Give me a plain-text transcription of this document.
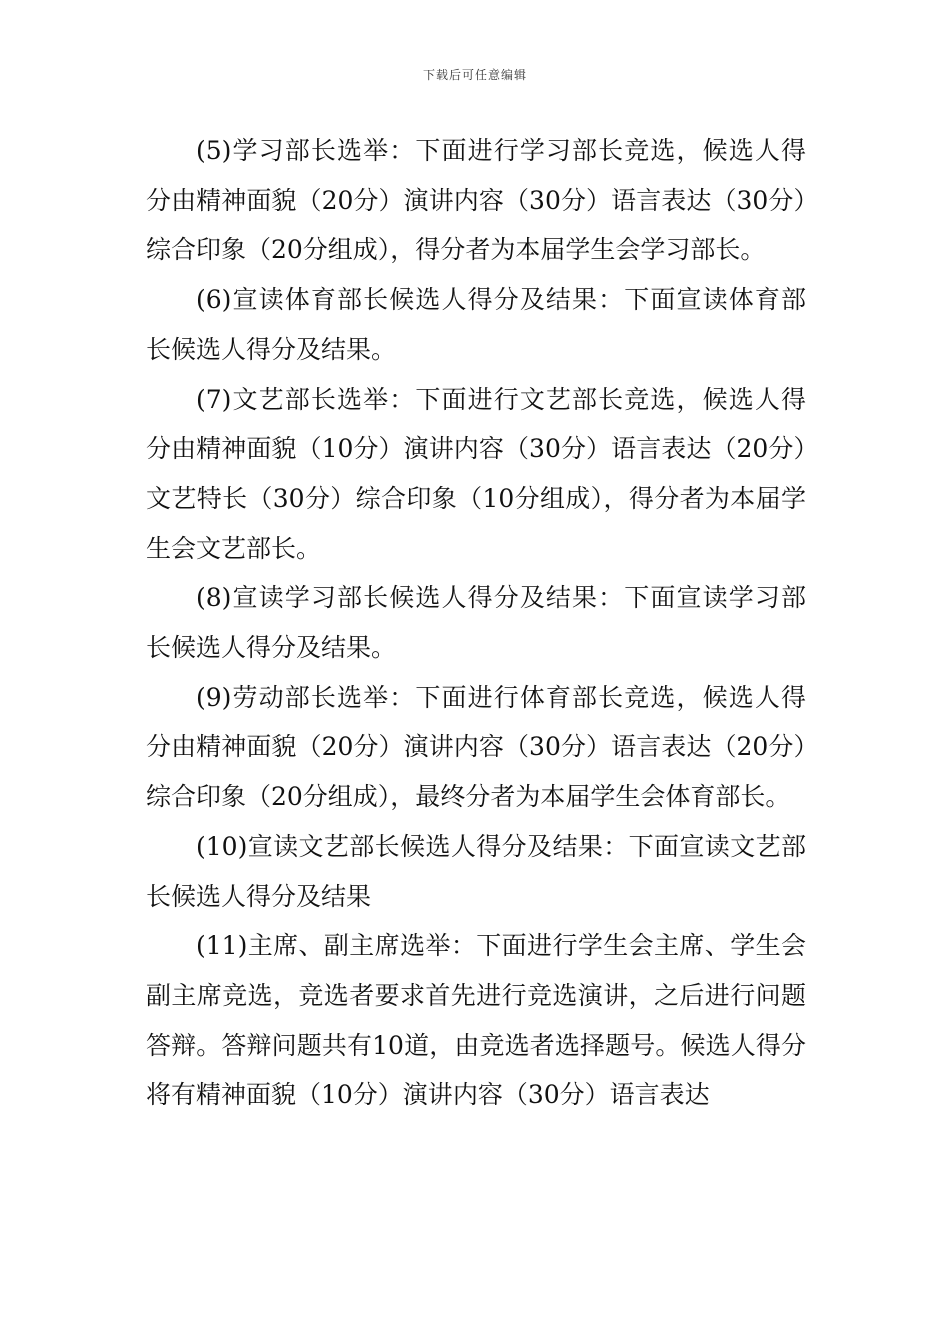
下载后可任意编辑

(5)学习部长选举：下面进行学习部长竞选，候选人得分由精神面貌（20分）演讲内容（30分）语言表达（30分）综合印象（20分组成），得分者为本届学生会学习部长。

(6)宣读体育部长候选人得分及结果：下面宣读体育部长候选人得分及结果。

(7)文艺部长选举：下面进行文艺部长竞选，候选人得分由精神面貌（10分）演讲内容（30分）语言表达（20分）文艺特长（30分）综合印象（10分组成），得分者为本届学生会文艺部长。

(8)宣读学习部长候选人得分及结果：下面宣读学习部长候选人得分及结果。

(9)劳动部长选举：下面进行体育部长竞选，候选人得分由精神面貌（20分）演讲内容（30分）语言表达（20分）综合印象（20分组成），最终分者为本届学生会体育部长。

(10)宣读文艺部长候选人得分及结果：下面宣读文艺部长候选人得分及结果

(11)主席、副主席选举：下面进行学生会主席、学生会副主席竞选，竞选者要求首先进行竞选演讲，之后进行问题答辩。答辩问题共有10道，由竞选者选择题号。候选人得分将有精神面貌（10分）演讲内容（30分）语言表达
